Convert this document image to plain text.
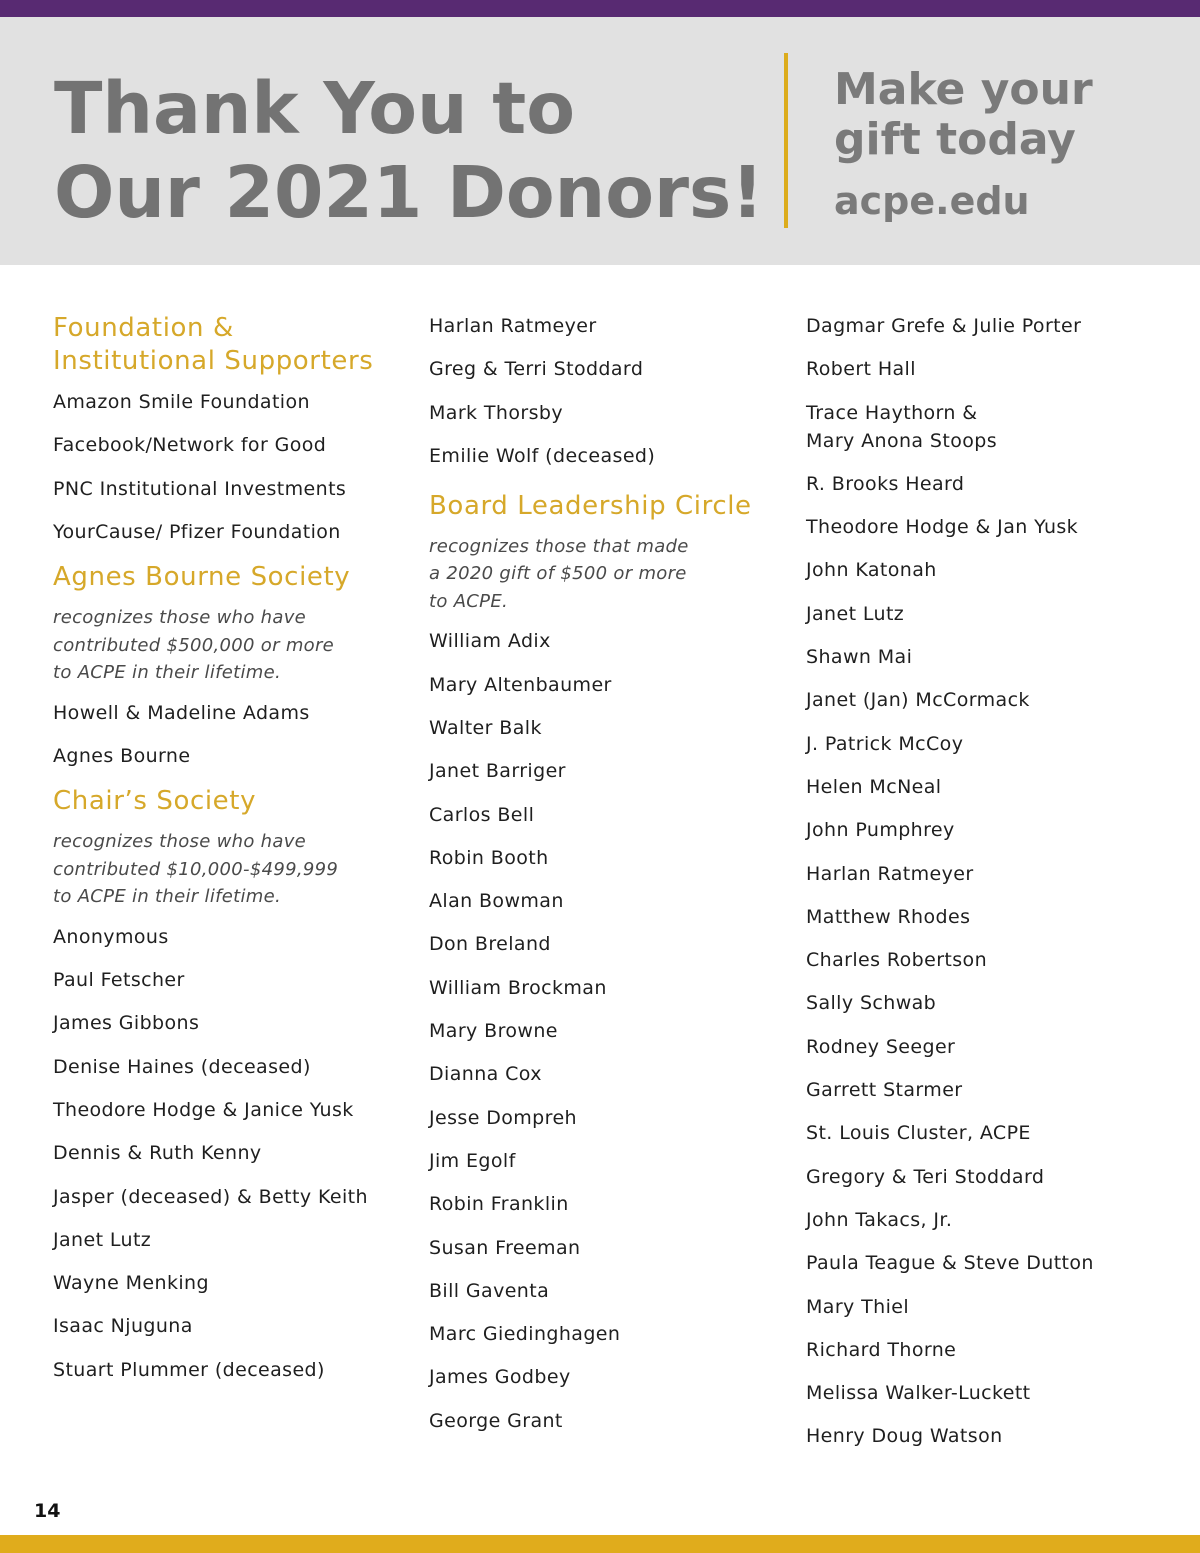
Thank You to
Our 2021 Donors!
Make your
gift today
acpe.edu
Foundation &
Institutional Supporters
Amazon Smile Foundation
Facebook/Network for Good
PNC Institutional Investments
YourCause/ Pfizer Foundation
Agnes Bourne Society

recognizes those who have
contributed $500,000 or more
to ACPE in their lifetime.

Howell & Madeline Adams
Agnes Bourne
Chair’s Society

recognizes those who have
contributed $10,000-$499,999
to ACPE in their lifetime.

Anonymous
Paul Fetscher
James Gibbons
Denise Haines (deceased)
Theodore Hodge & Janice Yusk
Dennis & Ruth Kenny
Jasper (deceased) & Betty Keith
Janet Lutz
Wayne Menking
Isaac Njuguna
Stuart Plummer (deceased)
Harlan Ratmeyer
Greg & Terri Stoddard
Mark Thorsby
Emilie Wolf (deceased)
Board Leadership Circle

recognizes those that made
a 2020 gift of $500 or more
to ACPE.

William Adix
Mary Altenbaumer
Walter Balk
Janet Barriger
Carlos Bell
Robin Booth
Alan Bowman
Don Breland
William Brockman
Mary Browne
Dianna Cox
Jesse Dompreh
Jim Egolf
Robin Franklin
Susan Freeman
Bill Gaventa
Marc Giedinghagen
James Godbey
George Grant
Dagmar Grefe & Julie Porter
Robert Hall
Trace Haythorn &
Mary Anona Stoops
R. Brooks Heard
Theodore Hodge & Jan Yusk
John Katonah
Janet Lutz
Shawn Mai
Janet (Jan) McCormack
J. Patrick McCoy
Helen McNeal
John Pumphrey
Harlan Ratmeyer
Matthew Rhodes
Charles Robertson
Sally Schwab
Rodney Seeger
Garrett Starmer
St. Louis Cluster, ACPE
Gregory & Teri Stoddard
John Takacs, Jr.
Paula Teague & Steve Dutton
Mary Thiel
Richard Thorne
Melissa Walker-Luckett
Henry Doug Watson
14
